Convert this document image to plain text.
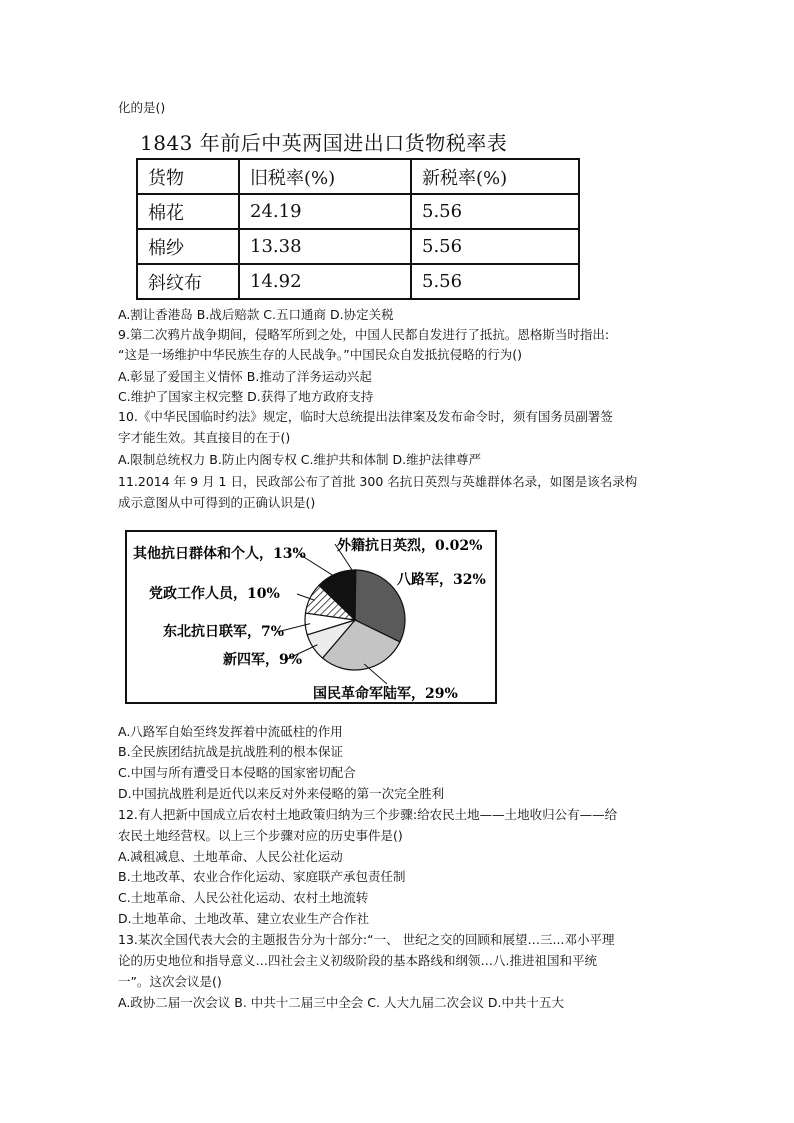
化的是()
1843 年前后中英两国进出口货物税率表
货物	旧税率(%)	新税率(%)
棉花	24.19	5.56
棉纱	13.38	5.56
斜纹布	14.92	5.56
A.割让香港岛 B.战后赔款 C.五口通商 D.协定关税
9.第二次鸦片战争期间，侵略军所到之处，中国人民都自发进行了抵抗。恩格斯当时指出:
“这是一场维护中华民族生存的人民战争。”中国民众自发抵抗侵略的行为()
A.彰显了爱国主义情怀 B.推动了洋务运动兴起
C.维护了国家主权完整 D.获得了地方政府支持
10.《中华民国临时约法》规定，临时大总统提出法律案及发布命令时，须有国务员副署签
字才能生效。其直接目的在于()
A.限制总统权力 B.防止内阁专权 C.维护共和体制 D.维护法律尊严
11.2014 年 9 月 1 日，民政部公布了首批 300 名抗日英烈与英雄群体名录，如图是该名录构
成示意图从中可得到的正确认识是()
其他抗日群体和个人，13% 外籍抗日英烈，0.02%
八路军，32%
党政工作人员，10%
东北抗日联军，7%
新四军，9%
国民革命军陆军，29%
A.八路军自始至终发挥着中流砥柱的作用
B.全民族团结抗战是抗战胜利的根本保证
C.中国与所有遭受日本侵略的国家密切配合
D.中国抗战胜利是近代以来反对外来侵略的第一次完全胜利
12.有人把新中国成立后农村土地政策归纳为三个步骤:给农民土地——土地收归公有——给
农民土地经营权。以上三个步骤对应的历史事件是()
A.减租减息、土地革命、人民公社化运动
B.土地改革、农业合作化运动、家庭联产承包责任制
C.土地革命、人民公社化运动、农村土地流转
D.土地革命、土地改革、建立农业生产合作社
13.某次全国代表大会的主题报告分为十部分:“一、 世纪之交的回顾和展望…三...邓小平理
论的历史地位和指导意义…四社会主义初级阶段的基本路线和纲领…八.推进祖国和平统
一”。这次会议是()
A.政协二届一次会议 B. 中共十二届三中全会 C. 人大九届二次会议 D.中共十五大
